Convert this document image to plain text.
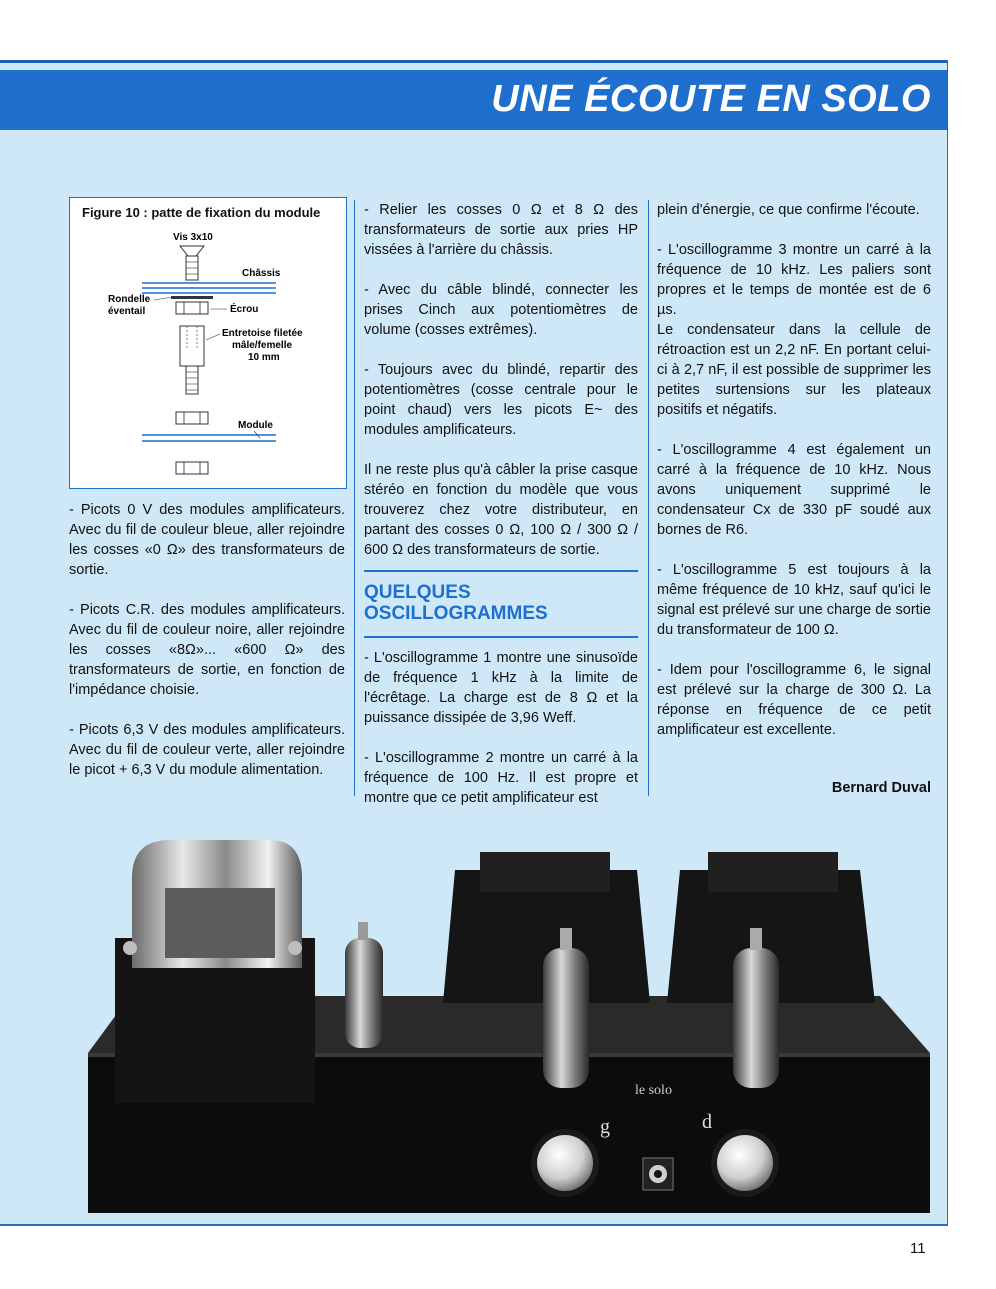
UNE ÉCOUTE EN SOLO
Figure 10 : patte de fixation du module
Vis 3x10
Châssis
Rondelle
éventail	Écrou
Entretoise filetée
mâle/femelle
10 mm
Module

- Picots 0 V des modules amplificateurs. Avec du fil de couleur bleue, aller rejoindre les cosses «0 Ω» des transformateurs de sortie.

- Picots C.R. des modules amplificateurs. Avec du fil de couleur noire, aller rejoindre les cosses «8Ω»... «600 Ω» des transformateurs de sortie, en fonction de l'impédance choisie.

- Picots 6,3 V des modules amplificateurs. Avec du fil de couleur verte, aller rejoindre le picot + 6,3 V du module alimentation.

- Relier les cosses 0 Ω et 8 Ω des transformateurs de sortie aux pries HP vissées à l'arrière du châssis.

- Avec du câble blindé, connecter les prises Cinch aux potentiomètres de volume (cosses extrêmes).

- Toujours avec du blindé, repartir des potentiomètres (cosse centrale pour le point chaud) vers les picots E~ des modules amplificateurs.

Il ne reste plus qu'à câbler la prise casque stéréo en fonction du modèle que vous trouverez chez votre distributeur, en partant des cosses 0 Ω, 100 Ω / 300 Ω / 600 Ω des transformateurs de sortie.

QUELQUES
OSCILLOGRAMMES

- L'oscillogramme 1 montre une sinusoïde de fréquence 1 kHz à la limite de l'écrêtage. La charge est de 8 Ω et la puissance dissipée de 3,96 Weff.

- L'oscillogramme 2 montre un carré à la fréquence de 100 Hz. Il est propre et montre que ce petit amplificateur est

plein d'énergie, ce que confirme l'écoute.

- L'oscillogramme 3 montre un carré à la fréquence de 10 kHz. Les paliers sont propres et le temps de montée est de 6 µs.

Le condensateur dans la cellule de rétroaction est un 2,2 nF. En portant celui-ci à 2,7 nF, il est possible de supprimer les petites surtensions sur les plateaux positifs et négatifs.

- L'oscillogramme 4 est également un carré à la fréquence de 10 kHz. Nous avons uniquement supprimé le condensateur Cx de 330 pF soudé aux bornes de R6.

- L'oscillogramme 5 est toujours à la même fréquence de 10 kHz, sauf qu'ici le signal est prélevé sur une charge de sortie du transformateur de 100 Ω.

- Idem pour l'oscillogramme 6, le signal est prélevé sur la charge de 300 Ω. La réponse en fréquence de ce petit amplificateur est excellente.

Bernard Duval
le solo
g	d
11
